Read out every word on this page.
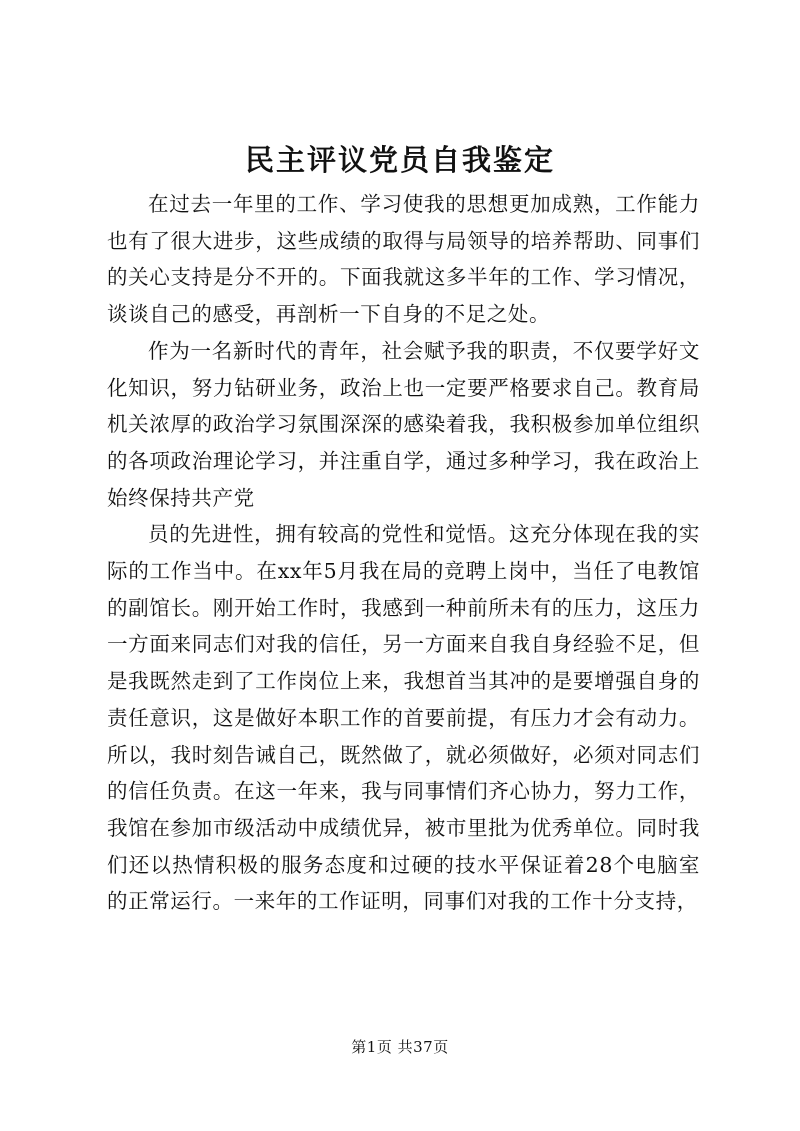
民主评议党员自我鉴定

在过去一年里的工作、学习使我的思想更加成熟，工作能力也有了很大进步，这些成绩的取得与局领导的培养帮助、同事们的关心支持是分不开的。下面我就这多半年的工作、学习情况，谈谈自己的感受，再剖析一下自身的不足之处。

作为一名新时代的青年，社会赋予我的职责，不仅要学好文化知识，努力钻研业务，政治上也一定要严格要求自己。教育局机关浓厚的政治学习氛围深深的感染着我，我积极参加单位组织的各项政治理论学习，并注重自学，通过多种学习，我在政治上始终保持共产党

员的先进性，拥有较高的党性和觉悟。这充分体现在我的实际的工作当中。在xx年5月我在局的竞聘上岗中，当任了电教馆的副馆长。刚开始工作时，我感到一种前所未有的压力，这压力一方面来同志们对我的信任，另一方面来自我自身经验不足，但是我既然走到了工作岗位上来，我想首当其冲的是要增强自身的责任意识，这是做好本职工作的首要前提，有压力才会有动力。所以，我时刻告诫自己，既然做了，就必须做好，必须对同志们的信任负责。在这一年来，我与同事情们齐心协力，努力工作，我馆在参加市级活动中成绩优异，被市里批为优秀单位。同时我们还以热情积极的服务态度和过硬的技水平保证着28个电脑室的正常运行。一来年的工作证明，同事们对我的工作十分支持，

第1页 共37页
